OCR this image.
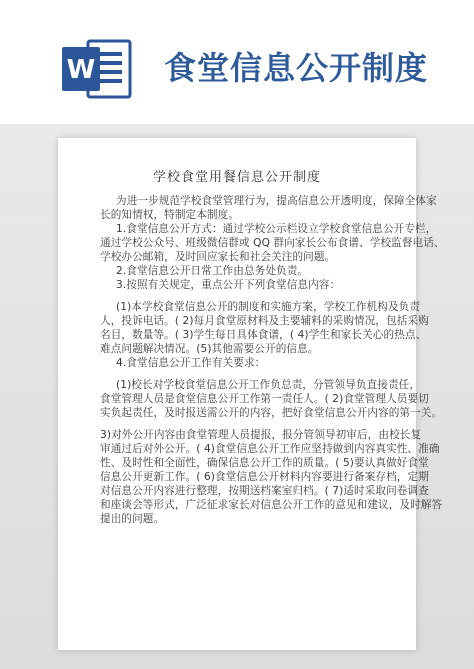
W 食堂信息公开制度
学校食堂用餐信息公开制度
为进一步规范学校食堂管理行为，提高信息公开透明度，保障全体家
长的知情权，特制定本制度。
1.食堂信息公开方式：通过学校公示栏设立学校食堂信息公开专栏，
通过学校公众号、班级微信群或 QQ 群向家长公布食谱、学校监督电话、
学校办公邮箱，及时回应家长和社会关注的问题。
2.食堂信息公开日常工作由总务处负责。
3.按照有关规定，重点公开下列食堂信息内容：
(1)本学校食堂信息公开的制度和实施方案，学校工作机构及负责
人，投诉电话。( 2)每月食堂原材料及主要辅料的采购情况，包括采购
名目，数量等。( 3)学生每日具体食谱，( 4)学生和家长关心的热点、
难点问题解决情况。(5)其他需要公开的信息。
4.食堂信息公开工作有关要求：
(1)校长对学校食堂信息公开工作负总责，分管领导负直接责任，
食堂管理人员是食堂信息公开工作第一责任人。( 2)食堂管理人员要切
实负起责任，及时报送需公开的内容，把好食堂信息公开内容的第一关。
3)对外公开内容由食堂管理人员提报，报分管领导初审后，由校长复
审通过后对外公开。( 4)食堂信息公开工作应坚持做到内容真实性、准确
性、及时性和全面性，确保信息公开工作的质量。( 5)要认真做好食堂
信息公开更新工作。( 6)食堂信息公开材料内容要进行备案存档，定期
对信息公开内容进行整理，按期送档案室归档。( 7)适时采取问卷调查
和座谈会等形式，广泛征求家长对信息公开工作的意见和建议，及时解答
提出的问题。
